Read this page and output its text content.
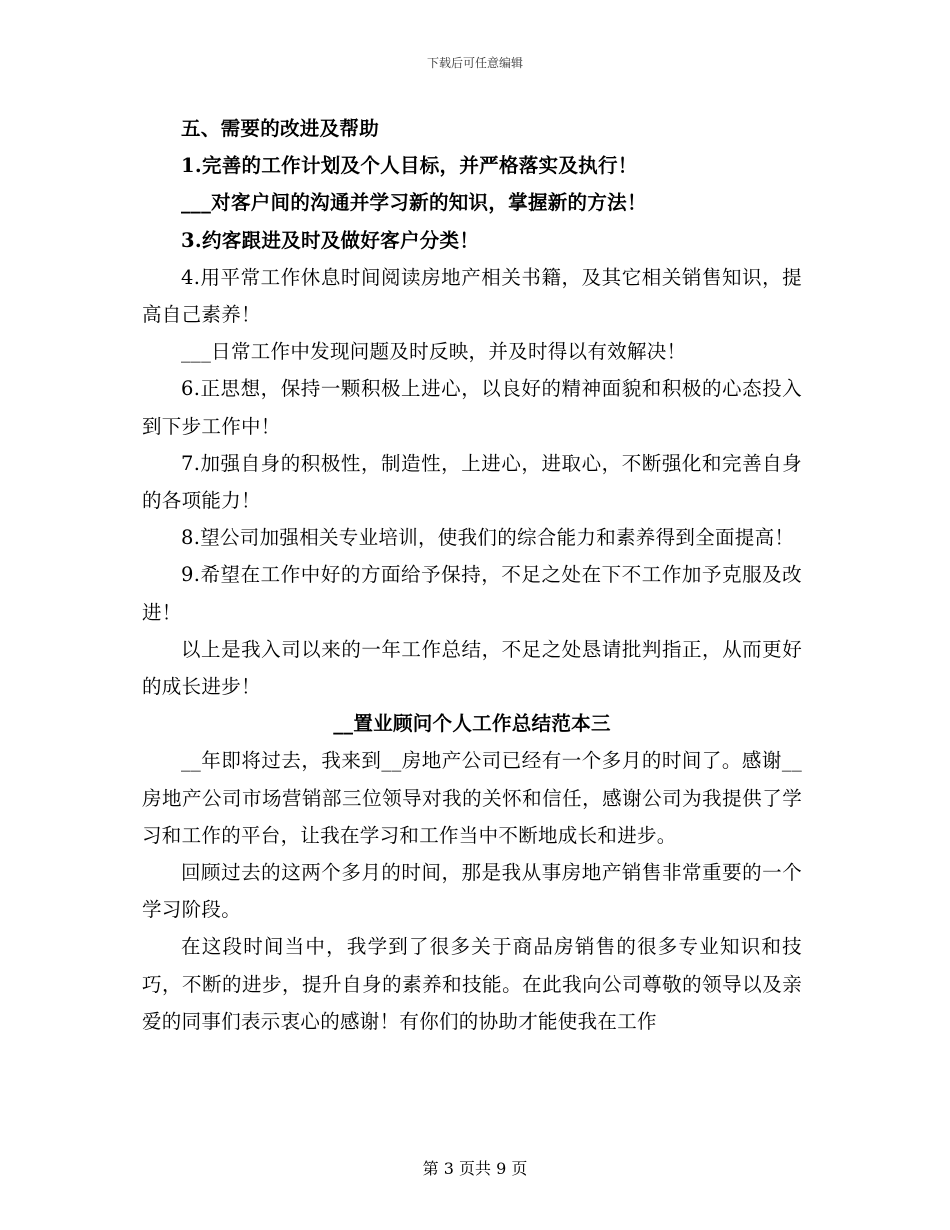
下载后可任意编辑

五、需要的改进及帮助

1.完善的工作计划及个人目标，并严格落实及执行！

___对客户间的沟通并学习新的知识，掌握新的方法！

3.约客跟进及时及做好客户分类！

4.用平常工作休息时间阅读房地产相关书籍，及其它相关销售知识，提高自己素养！

___日常工作中发现问题及时反映，并及时得以有效解决！

6.正思想，保持一颗积极上进心，以良好的精神面貌和积极的心态投入到下步工作中！

7.加强自身的积极性，制造性，上进心，进取心，不断强化和完善自身的各项能力！

8.望公司加强相关专业培训，使我们的综合能力和素养得到全面提高！

9.希望在工作中好的方面给予保持，不足之处在下不工作加予克服及改进！

以上是我入司以来的一年工作总结，不足之处恳请批判指正，从而更好的成长进步！

__置业顾问个人工作总结范本三

__年即将过去，我来到__房地产公司已经有一个多月的时间了。感谢__房地产公司市场营销部三位领导对我的关怀和信任，感谢公司为我提供了学习和工作的平台，让我在学习和工作当中不断地成长和进步。

回顾过去的这两个多月的时间，那是我从事房地产销售非常重要的一个学习阶段。

在这段时间当中，我学到了很多关于商品房销售的很多专业知识和技巧，不断的进步，提升自身的素养和技能。在此我向公司尊敬的领导以及亲爱的同事们表示衷心的感谢！有你们的协助才能使我在工作

第 3 页共 9 页
